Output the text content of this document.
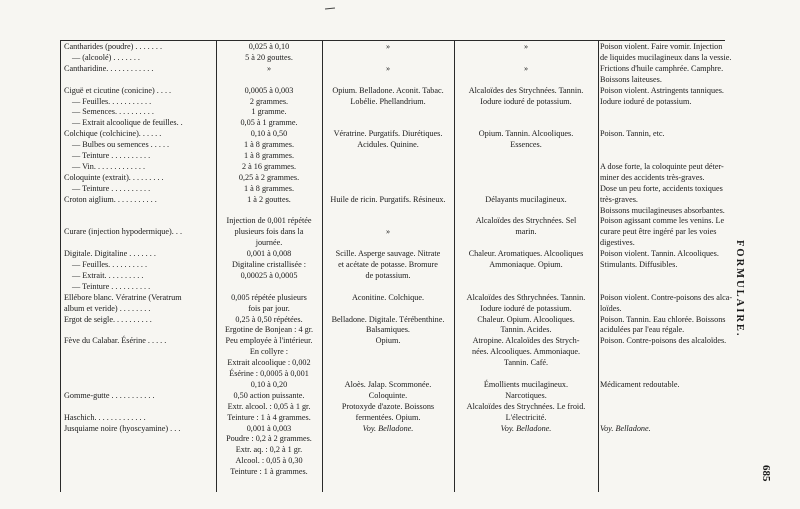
Cantharides (poudre) . . . . . . .
— (alcoolé) . . . . . . .
Cantharidine. . . . . . . . . . . .
Ciguë et cicutine (conicine) . . . .
— Feuilles. . . . . . . . . . .
— Semences. . . . . . . . . .
— Extrait alcoolique de feuilles. .
Colchique (colchicine). . . . . .
— Bulbes ou semences . . . . .
— Teinture . . . . . . . . . .
— Vin. . . . . . . . . . . . .
Coloquinte (extrait). . . . . . . . .
— Teinture . . . . . . . . . .
Croton aiglium. . . . . . . . . . .
Curare (injection hypodermique). . .
Digitale. Digitaline . . . . . . .
— Feuilles. . . . . . . . . .
— Extrait. . . . . . . . . .
— Teinture . . . . . . . . . .
Ellébore blanc. Vératrine (Veratrum
album et veride) . . . . . . . .
Ergot de seigle. . . . . . . . . .
Fève du Calabar. Ésérine . . . . .
Gomme-gutte . . . . . . . . . . .
Haschich. . . . . . . . . . . . .
Jusquiame noire (hyoscyamine) . . .
0,025 à 0,10
5 à 20 gouttes.
»
0,0005 à 0,003
2 grammes.
1 gramme.
0,05 à 1 gramme.
0,10 à 0,50
1 à 8 grammes.
1 à 8 grammes.
2 à 16 grammes.
0,25 à 2 grammes.
1 à 8 grammes.
1 à 2 gouttes.
Injection de 0,001 répétée
plusieurs fois dans la
journée.
0,001 à 0,008
Digitaline cristallisée :
0,00025 à 0,0005
0,005 répétée plusieurs
fois par jour.
0,25 à 0,50 répétées.
Ergotine de Bonjean : 4 gr.
Peu employée à l'intérieur.
En collyre :
Extrait alcoolique : 0,002
Ésérine : 0,0005 à 0,001
0,10 à 0,20
0,50 action puissante.
Extr. alcool. : 0,05 à 1 gr.
Teinture : 1 à 4 grammes.
0,001 à 0,003
Poudre : 0,2 à 2 grammes.
Extr. aq. : 0,2 à 1 gr.
Alcool. : 0,05 à 0,30
Teinture : 1 à grammes.
»
»
Opium. Belladone. Aconit. Tabac.
Lobélie. Phellandrium.
Vératrine. Purgatifs. Diurétiques.
Acidules. Quinine.
Huile de ricin. Purgatifs. Résineux.
»
Scille. Asperge sauvage. Nitrate
et acétate de potasse. Bromure
de potassium.
Aconitine. Colchique.
Belladone. Digitale. Térébenthine.
Balsamiques.
Opium.
Aloès. Jalap. Scommonée.
Coloquinte.
Protoxyde d'azote. Boissons
fermentées. Opium.
Voy. Belladone.
»
»
Alcaloïdes des Strychnées. Tannin.
Iodure ioduré de potassium.
Opium. Tannin. Alcooliques.
Essences.
Délayants mucilagineux.
Alcaloïdes des Strychnées. Sel
marin.
Chaleur. Aromatiques. Alcooliques
Ammoniaque. Opium.
Alcaloïdes des Sthrychnées. Tannin.
Iodure ioduré de potassium.
Chaleur. Opium. Alcooliques.
Tannin. Acides.
Atropine. Alcaloïdes des Strych-
nées. Alcooliques. Ammoniaque.
Tannin. Café.
Émollients mucilagineux.
Narcotiques.
Alcaloïdes des Strychnées. Le froid.
L'électricité.
Voy. Belladone.
Poison violent. Faire vomir. Injection
de liquides mucilagineux dans la vessie.
Frictions d'huile camphrée. Camphre.
Boissons laiteuses.
Poison violent. Astringents tanniques.
Iodure ioduré de potassium.
Poison. Tannin, etc.
A dose forte, la coloquinte peut déter-
miner des accidents très-graves.
Dose un peu forte, accidents toxiques
très-graves.
Boissons mucilagineuses absorbantes.
Poison agissant comme les venins. Le
curare peut être ingéré par les voies
digestives.
Poison violent. Tannin. Alcooliques.
Stimulants. Diffusibles.
Poison violent. Contre-poisons des alca-
loïdes.
Poison. Tannin. Eau chlorée. Boissons
acidulées par l'eau régale.
Poison. Contre-poisons des alcaloïdes.
Médicament redoutable.
Voy. Belladone.
FORMULAIRE.
685
